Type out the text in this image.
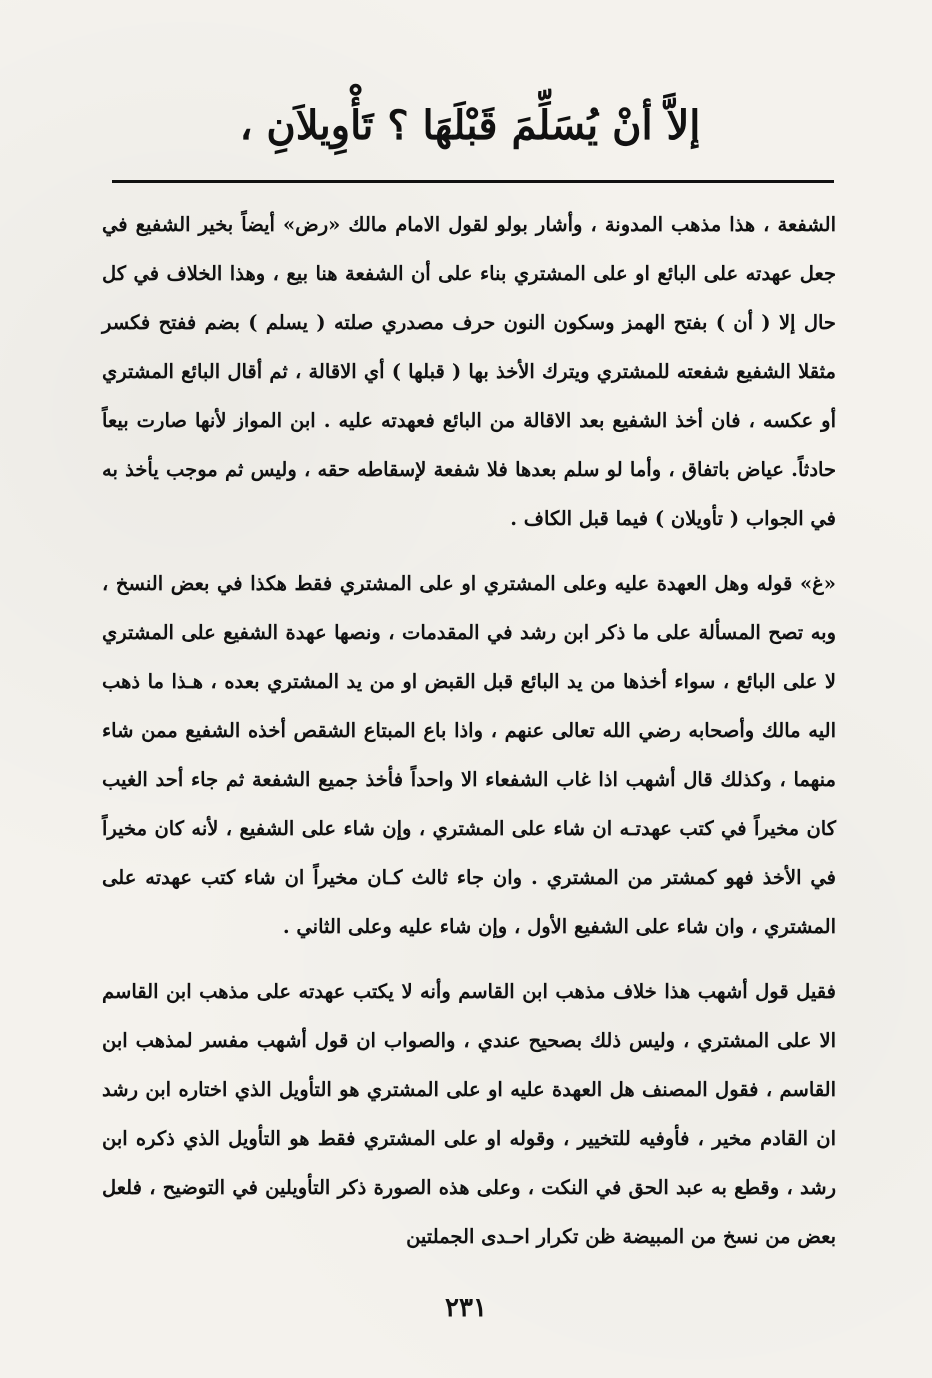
إلاَّ أنْ يُسَلِّمَ قَبْلَهَا ؟ تَأْوِيلاَنِ ،

الشفعة ، هذا مذهب المدونة ، وأشار بولو لقول الامام مالك «رض» أيضاً بخير الشفيع في جعل عهدته على البائع او على المشتري بناء على أن الشفعة هنا بيع ، وهذا الخلاف في كل حال إلا ( أن ) بفتح الهمز وسكون النون حرف مصدري صلته ( يسلم ) بضم ففتح فكسر مثقلا الشفيع شفعته للمشتري ويترك الأخذ بها ( قبلها ) أي الاقالة ، ثم أقال البائع المشتري أو عكسه ، فان أخذ الشفيع بعد الاقالة من البائع فعهدته عليه . ابن المواز لأنها صارت بيعاً حادثاً. عياض باتفاق ، وأما لو سلم بعدها فلا شفعة لإسقاطه حقه ، وليس ثم موجب يأخذ به في الجواب ( تأويلان ) فيما قبل الكاف .

«غ» قوله وهل العهدة عليه وعلى المشتري او على المشتري فقط هكذا في بعض النسخ ، وبه تصح المسألة على ما ذكر ابن رشد في المقدمات ، ونصها عهدة الشفيع على المشتري لا على البائع ، سواء أخذها من يد البائع قبل القبض او من يد المشتري بعده ، هـذا ما ذهب اليه مالك وأصحابه رضي الله تعالى عنهم ، واذا باع المبتاع الشقص أخذه الشفيع ممن شاء منهما ، وكذلك قال أشهب اذا غاب الشفعاء الا واحداً فأخذ جميع الشفعة ثم جاء أحد الغيب كان مخيراً في كتب عهدتـه ان شاء على المشتري ، وإن شاء على الشفيع ، لأنه كان مخيراً في الأخذ فهو كمشتر من المشتري . وان جاء ثالث كـان مخيراً ان شاء كتب عهدته على المشتري ، وان شاء على الشفيع الأول ، وإن شاء عليه وعلى الثاني .

فقيل قول أشهب هذا خلاف مذهب ابن القاسم وأنه لا يكتب عهدته على مذهب ابن القاسم الا على المشتري ، وليس ذلك بصحيح عندي ، والصواب ان قول أشهب مفسر لمذهب ابن القاسم ، فقول المصنف هل العهدة عليه او على المشتري هو التأويل الذي اختاره ابن رشد ان القادم مخير ، فأوفيه للتخيير ، وقوله او على المشتري فقط هو التأويل الذي ذكره ابن رشد ، وقطع به عبد الحق في النكت ، وعلى هذه الصورة ذكر التأويلين في التوضيح ، فلعل بعض من نسخ من المبيضة ظن تكرار احـدى الجملتين

٢٣١
